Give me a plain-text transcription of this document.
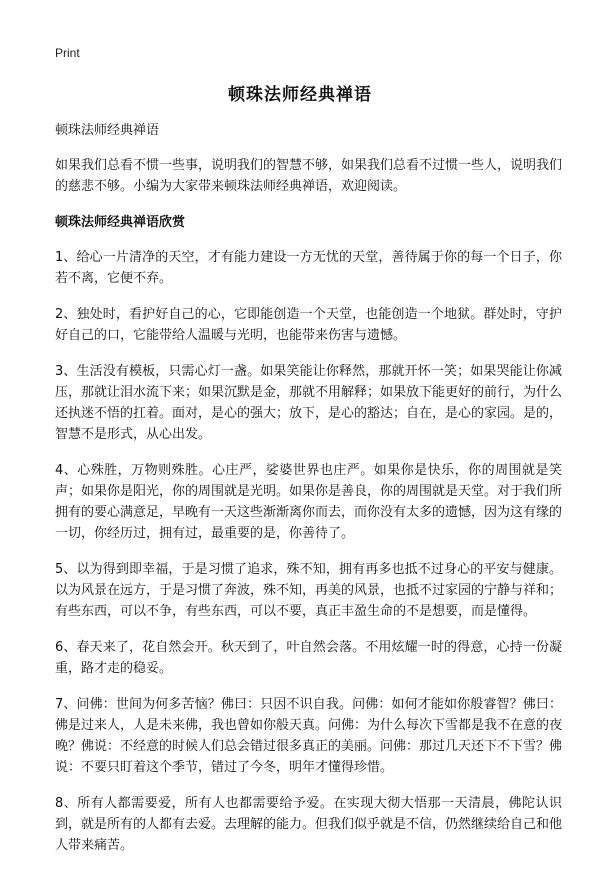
Print
顿珠法师经典禅语

顿珠法师经典禅语

如果我们总看不惯一些事，说明我们的智慧不够，如果我们总看不过惯一些人，说明我们的慈悲不够。小编为大家带来顿珠法师经典禅语，欢迎阅读。

顿珠法师经典禅语欣赏

1、给心一片清净的天空，才有能力建设一方无忧的天堂，善待属于你的每一个日子，你若不离，它便不弃。

2、独处时，看护好自己的心，它即能创造一个天堂，也能创造一个地狱。群处时，守护好自己的口，它能带给人温暖与光明，也能带来伤害与遗憾。

3、生活没有模板，只需心灯一盏。如果笑能让你释然，那就开怀一笑；如果哭能让你减压，那就让泪水流下来；如果沉默是金，那就不用解释；如果放下能更好的前行，为什么还执迷不悟的扛着。面对，是心的强大；放下，是心的豁达；自在，是心的家园。是的，智慧不是形式，从心出发。

4、心殊胜，万物则殊胜。心庄严，娑婆世界也庄严。如果你是快乐，你的周围就是笑声；如果你是阳光，你的周围就是光明。如果你是善良，你的周围就是天堂。对于我们所拥有的要心满意足，早晚有一天这些渐渐离你而去，而你没有太多的遗憾，因为这有缘的一切，你经历过，拥有过，最重要的是，你善待了。

5、以为得到即幸福，于是习惯了追求，殊不知，拥有再多也抵不过身心的平安与健康。以为风景在远方，于是习惯了奔波，殊不知，再美的风景，也抵不过家园的宁静与祥和；有些东西，可以不争，有些东西，可以不要，真正丰盈生命的不是想要，而是懂得。

6、春天来了，花自然会开。秋天到了，叶自然会落。不用炫耀一时的得意，心持一份凝重，路才走的稳妥。

7、问佛：世间为何多苦恼？佛曰：只因不识自我。问佛：如何才能如你般睿智？佛曰：佛是过来人，人是未来佛，我也曾如你般天真。问佛：为什么每次下雪都是我不在意的夜晚？佛说：不经意的时候人们总会错过很多真正的美丽。问佛：那过几天还下不下雪？佛说：不要只盯着这个季节，错过了今冬，明年才懂得珍惜。

8、所有人都需要爱，所有人也都需要给予爱。在实现大彻大悟那一天清晨，佛陀认识到，就是所有的人都有去爱。去理解的能力。但我们似乎就是不信，仍然继续给自己和他人带来痛苦。
